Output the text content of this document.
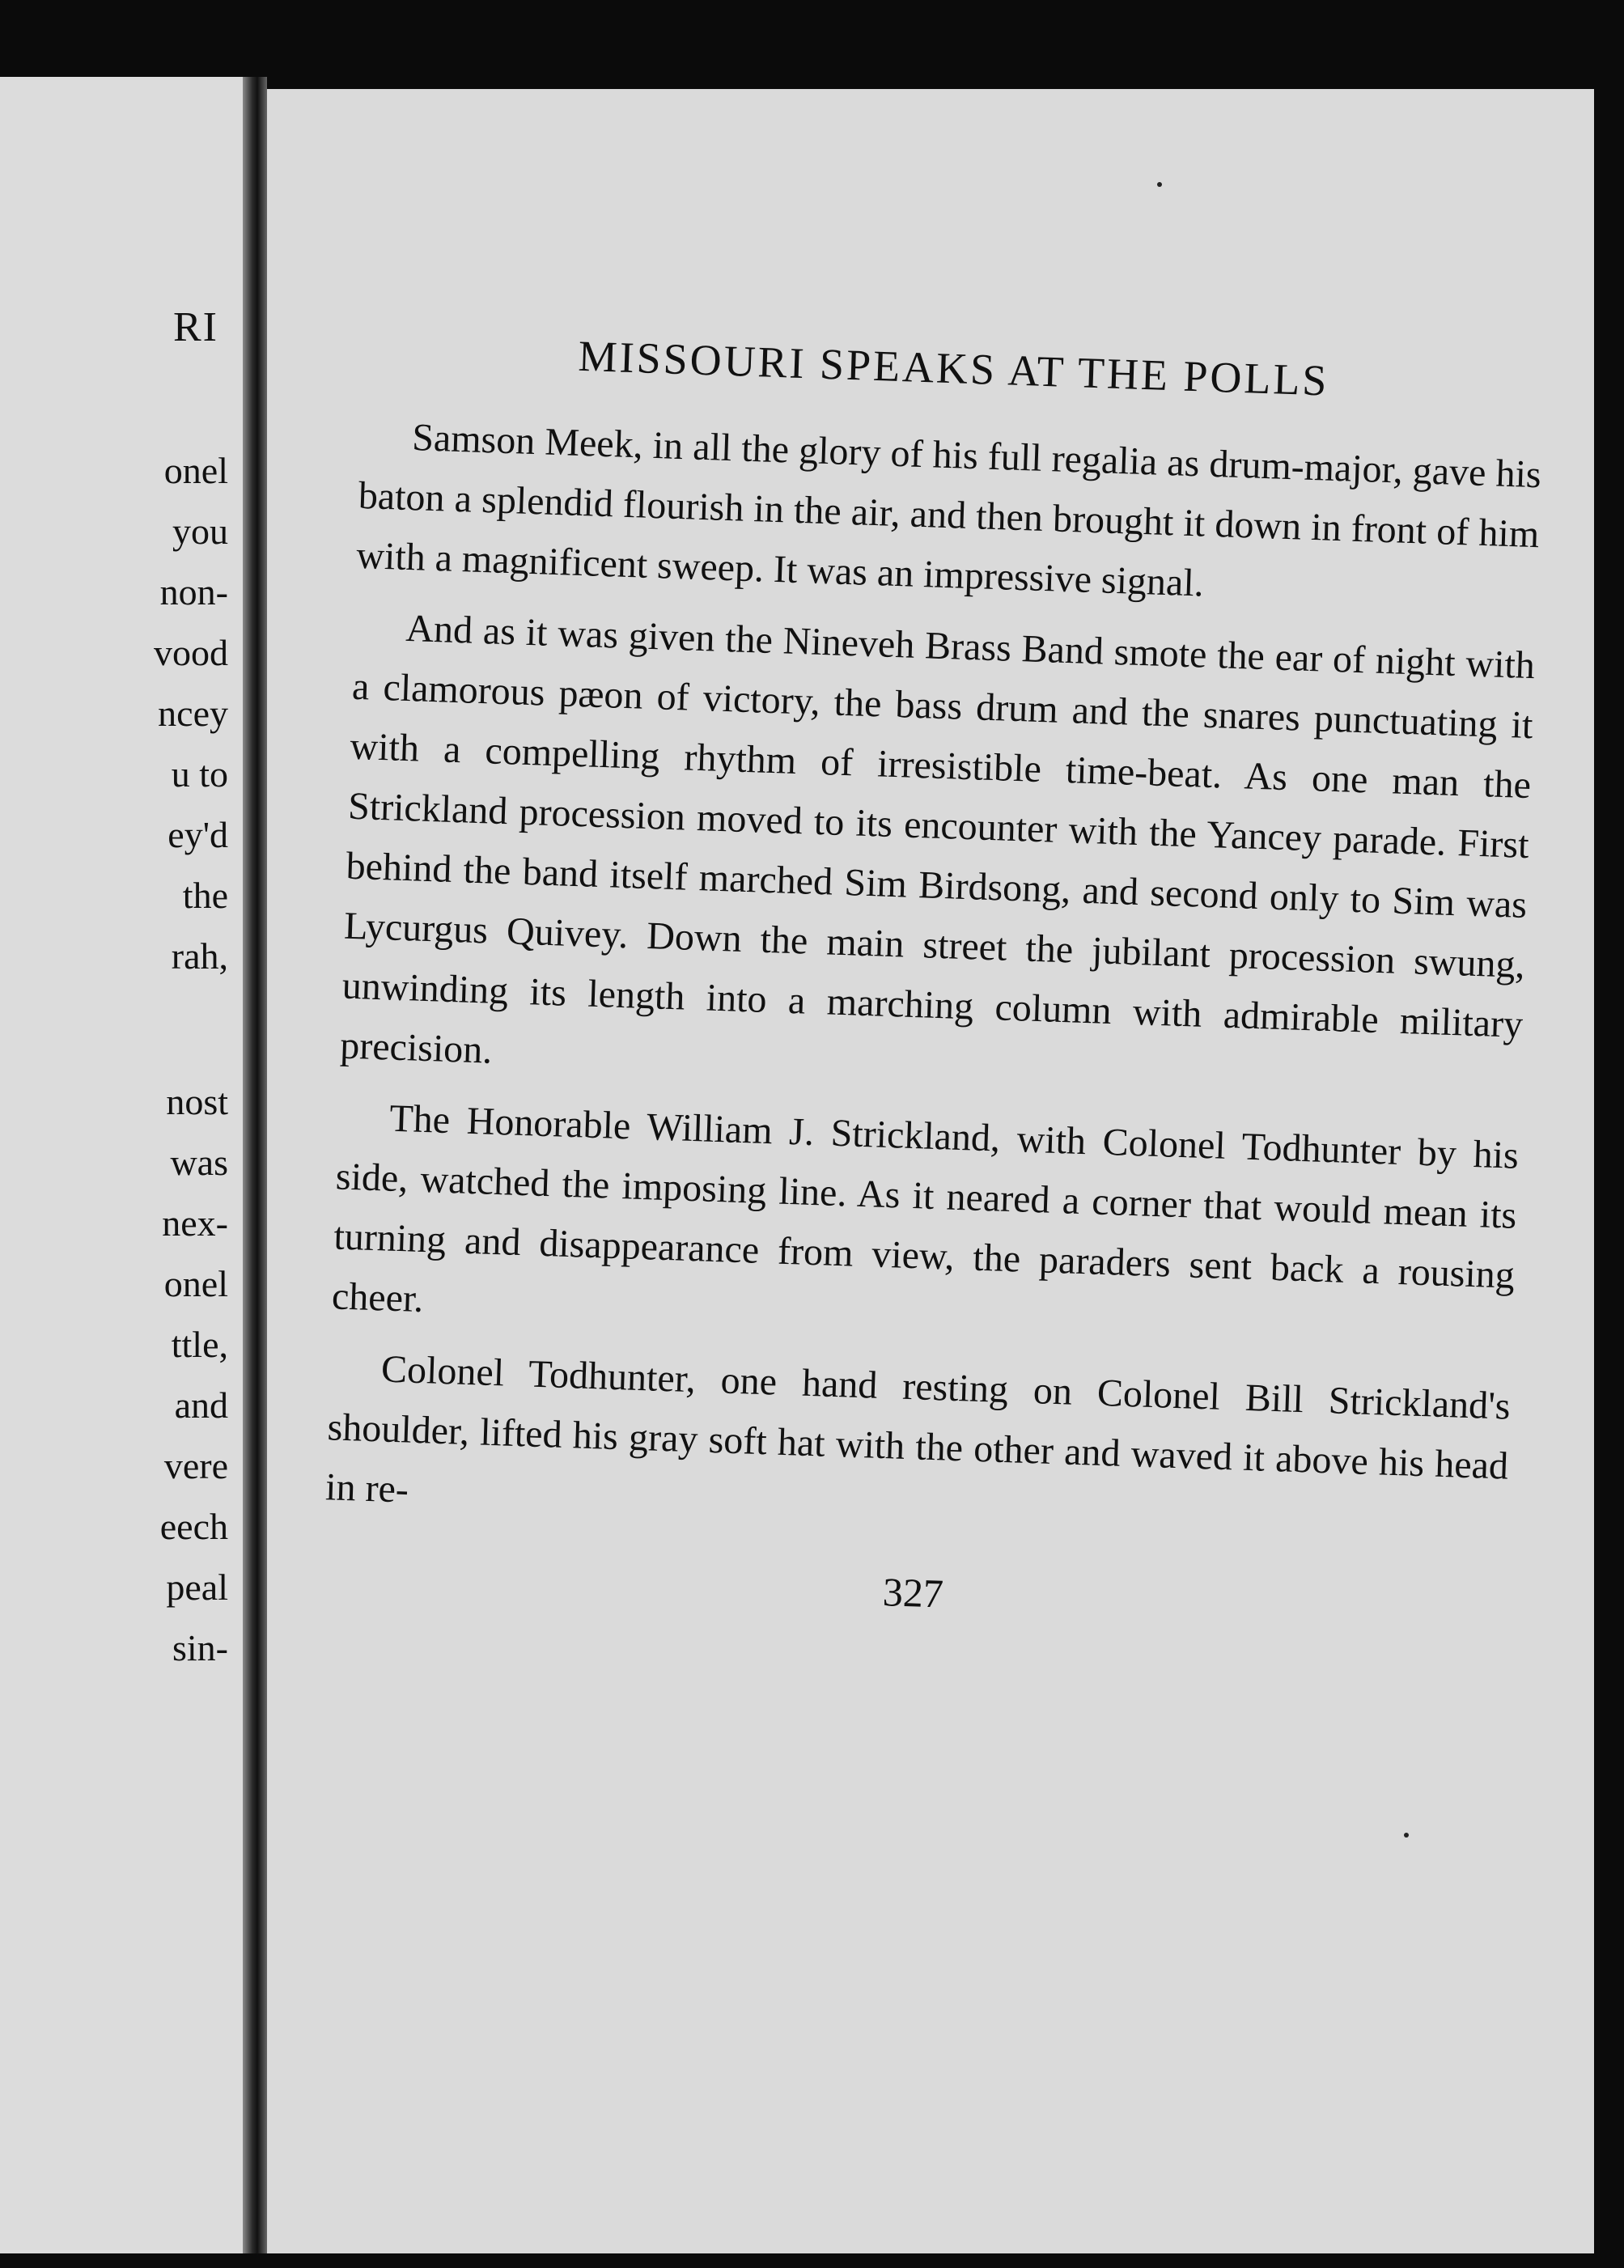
RI
onel
you
non-
vood
ncey
u to
ey'd
the
rah,
nost
was
nex-
onel
ttle,
and
vere
eech
peal
sin-
MISSOURI SPEAKS AT THE POLLS

Samson Meek, in all the glory of his full regalia as drum-major, gave his baton a splendid flourish in the air, and then brought it down in front of him with a magnificent sweep. It was an impressive signal.

And as it was given the Nineveh Brass Band smote the ear of night with a clamorous pæon of victory, the bass drum and the snares punctuating it with a compelling rhythm of irresistible time-beat. As one man the Strickland procession moved to its encounter with the Yancey parade. First behind the band itself marched Sim Birdsong, and second only to Sim was Lycurgus Quivey. Down the main street the jubilant procession swung, unwinding its length into a marching column with admirable military precision.

The Honorable William J. Strickland, with Colonel Todhunter by his side, watched the imposing line. As it neared a corner that would mean its turning and disappearance from view, the paraders sent back a rousing cheer.

Colonel Todhunter, one hand resting on Colonel Bill Strickland's shoulder, lifted his gray soft hat with the other and waved it above his head in re-

327
